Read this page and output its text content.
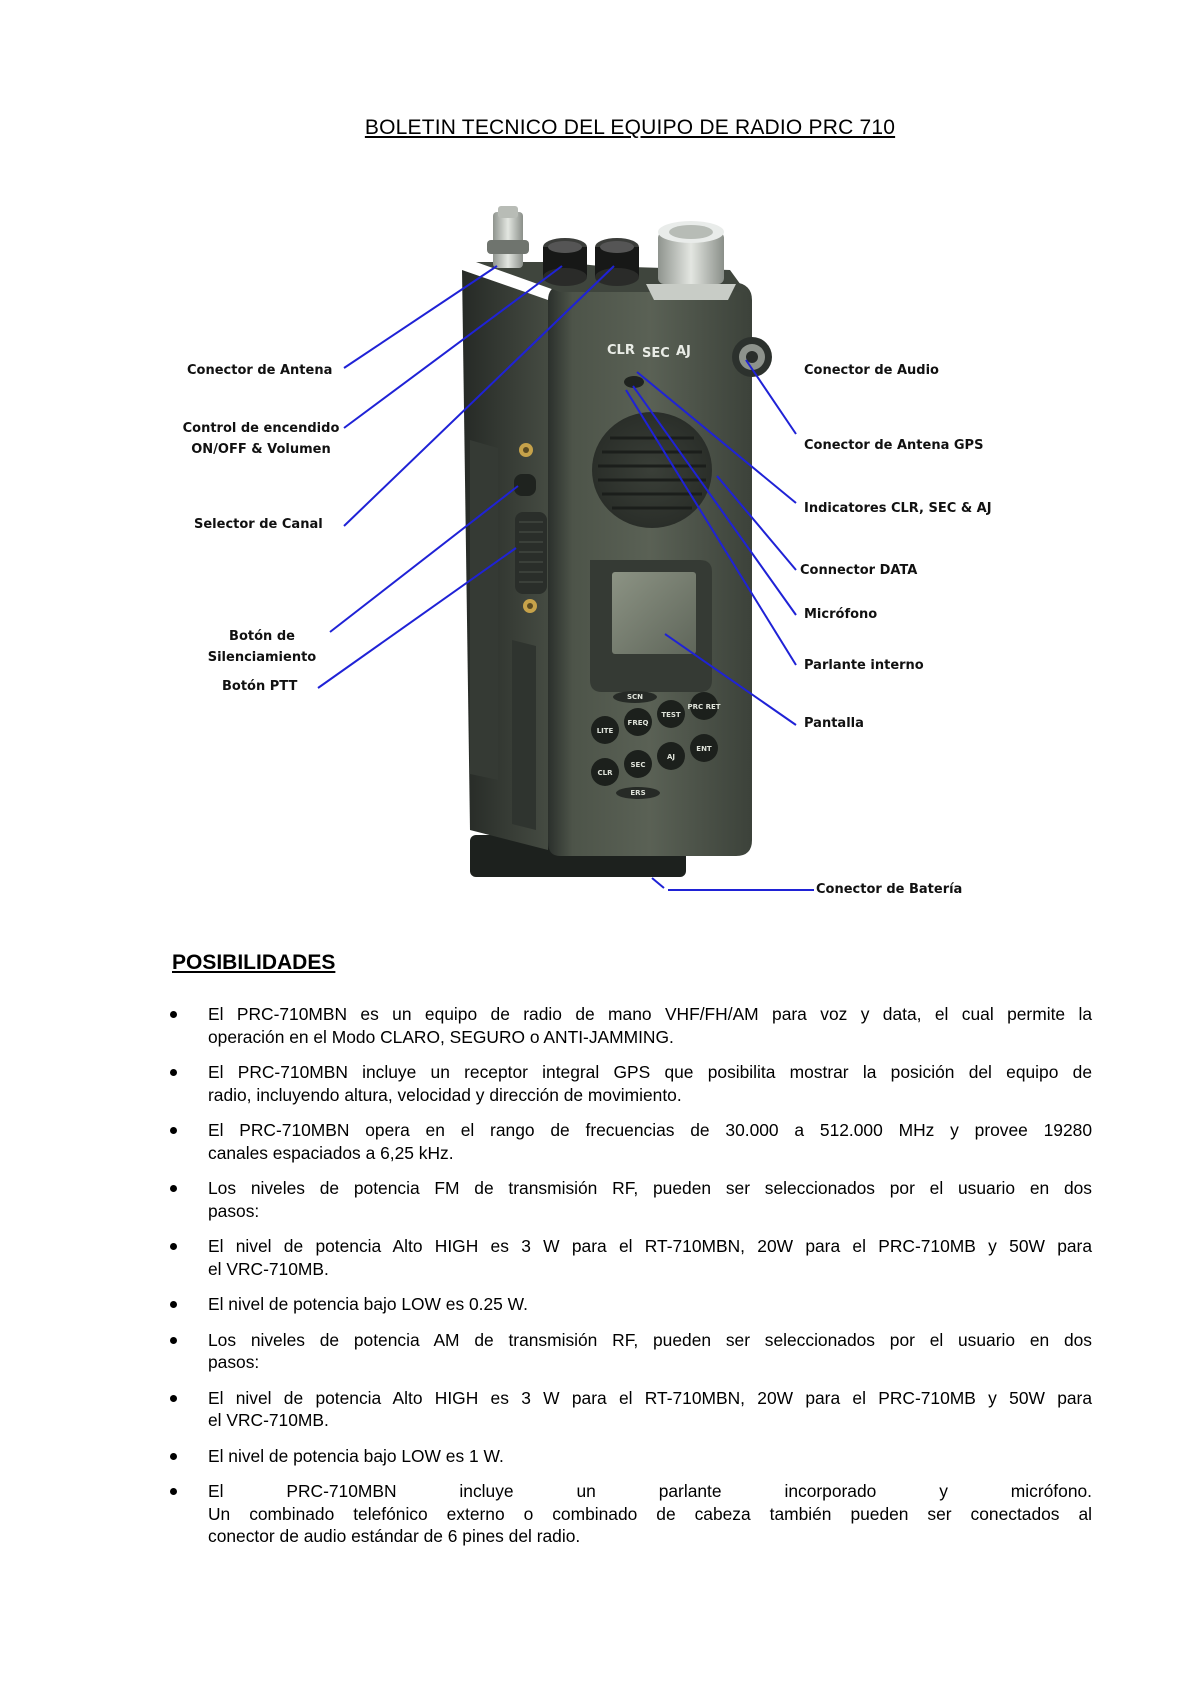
BOLETIN TECNICO DEL EQUIPO DE RADIO PRC 710
CLR SEC AJ
SCN
LITE
FREQ
TEST
PRC RET
CLR
SEC
AJ
ENT
ERS
Conector de Antena
Control de encendido
ON/OFF & Volumen
Selector de Canal
Botón de
Silenciamiento
Botón PTT
Conector de Audio
Conector de Antena GPS
Indicatores CLR, SEC & AJ
Connector DATA
Micrófono
Parlante interno
Pantalla
Conector de Batería
POSIBILIDADES
El PRC-710MBN es un equipo de radio de mano VHF/FH/AM para voz y data, el cual permite la
operación en el Modo CLARO, SEGURO o ANTI-JAMMING.
El PRC-710MBN incluye un receptor integral GPS que posibilita mostrar la posición del equipo de
radio, incluyendo altura, velocidad y dirección de movimiento.
El PRC-710MBN opera en el rango de frecuencias de 30.000 a 512.000 MHz y provee 19280
canales espaciados a 6,25 kHz.
Los niveles de potencia FM de transmisión RF, pueden ser seleccionados por el usuario en dos
pasos:
El nivel de potencia Alto HIGH es 3 W para el RT-710MBN, 20W para el PRC-710MB y 50W para
el VRC-710MB.
El nivel de potencia bajo LOW es 0.25 W.
Los niveles de potencia AM de transmisión RF, pueden ser seleccionados por el usuario en dos
pasos:
El nivel de potencia Alto HIGH es 3 W para el RT-710MBN, 20W para el PRC-710MB y 50W para
el VRC-710MB.
El nivel de potencia bajo LOW es 1 W.
El PRC-710MBN incluye un parlante incorporado y micrófono.
Un combinado telefónico externo o combinado de cabeza también pueden ser conectados al
conector de audio estándar de 6 pines del radio.
